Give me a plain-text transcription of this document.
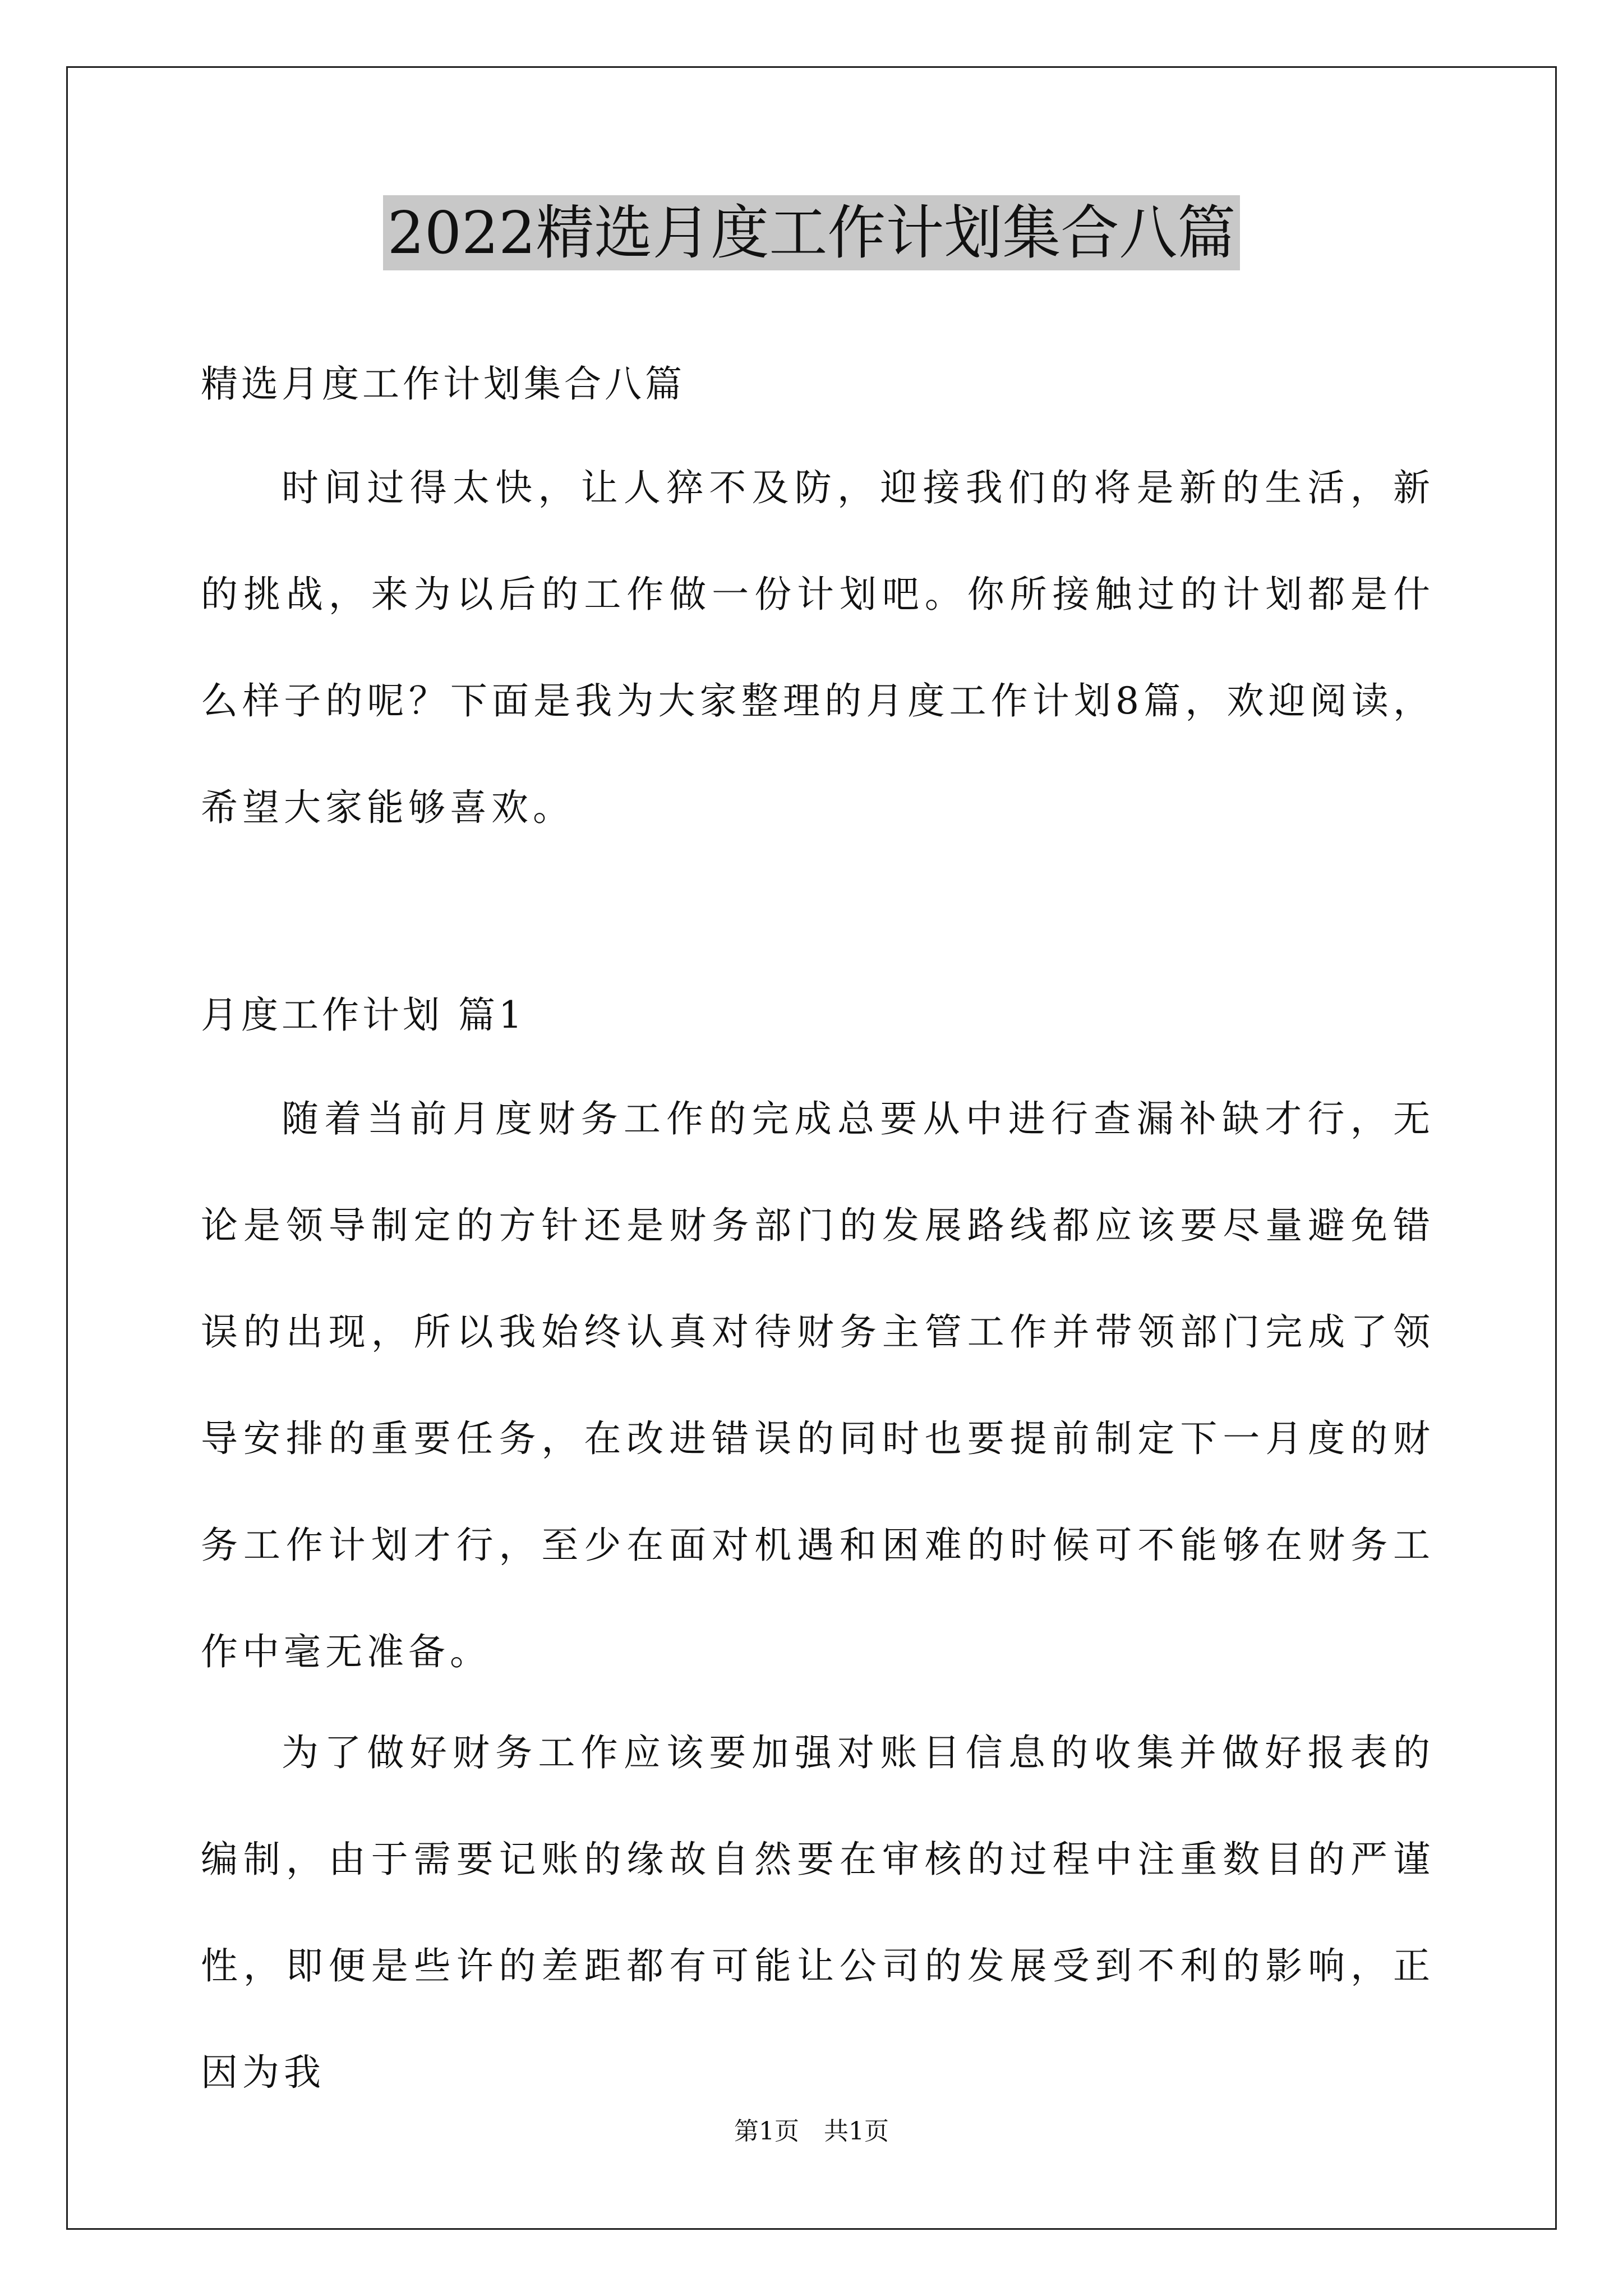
2022精选月度工作计划集合八篇

精选月度工作计划集合八篇

时间过得太快，让人猝不及防，迎接我们的将是新的生活，新的挑战，来为以后的工作做一份计划吧。你所接触过的计划都是什么样子的呢？下面是我为大家整理的月度工作计划8篇，欢迎阅读，希望大家能够喜欢。

月度工作计划 篇1

随着当前月度财务工作的完成总要从中进行查漏补缺才行，无论是领导制定的方针还是财务部门的发展路线都应该要尽量避免错误的出现，所以我始终认真对待财务主管工作并带领部门完成了领导安排的重要任务，在改进错误的同时也要提前制定下一月度的财务工作计划才行，至少在面对机遇和困难的时候可不能够在财务工作中毫无准备。

为了做好财务工作应该要加强对账目信息的收集并做好报表的编制，由于需要记账的缘故自然要在审核的过程中注重数目的严谨性，即便是些许的差距都有可能让公司的发展受到不利的影响，正因为我

第1页　共1页
